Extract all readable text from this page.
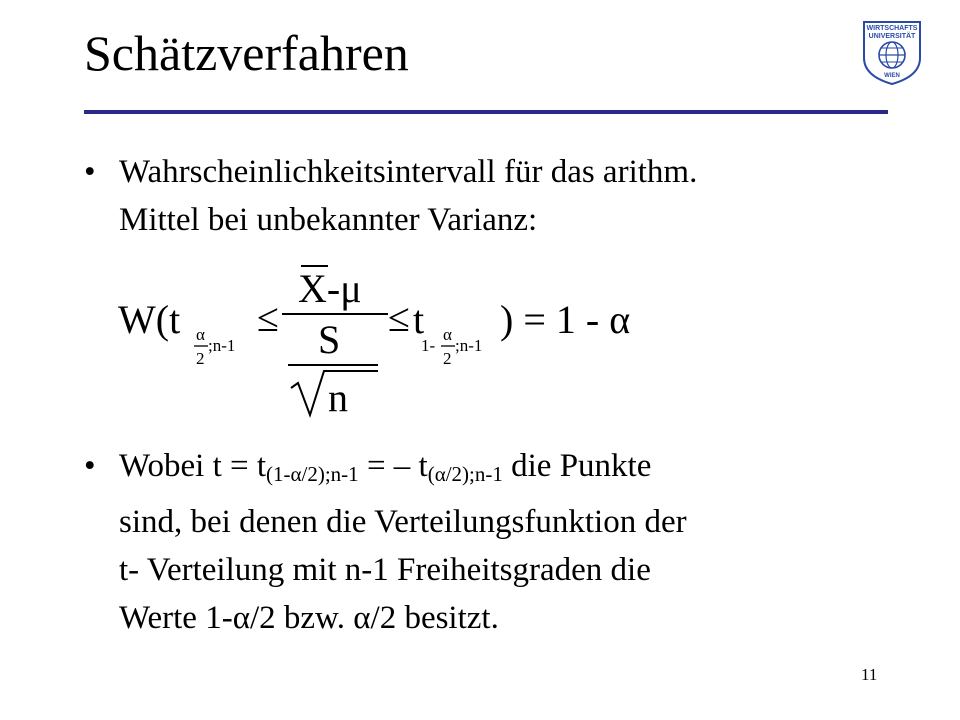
Schätzverfahren	WIRTSCHAFTS
UNIVERSITÄT
WIEN
• Wahrscheinlichkeitsintervall für das arithm.
Mittel bei unbekannter Varianz:
W(t α
2
;n-1
≤
X-μ
S
n
≤ t
1-
α
2
;n-1
) = 1 - α
• Wobei $t = t_{(1-\alpha/2);n-1}$ = – $t_{(\alpha/2);n-1}$ die Punkte
sind, bei denen die Verteilungsfunktion der
t- Verteilung mit n-1 Freiheitsgraden die
Werte 1-α/2 bzw. α/2 besitzt.
11
